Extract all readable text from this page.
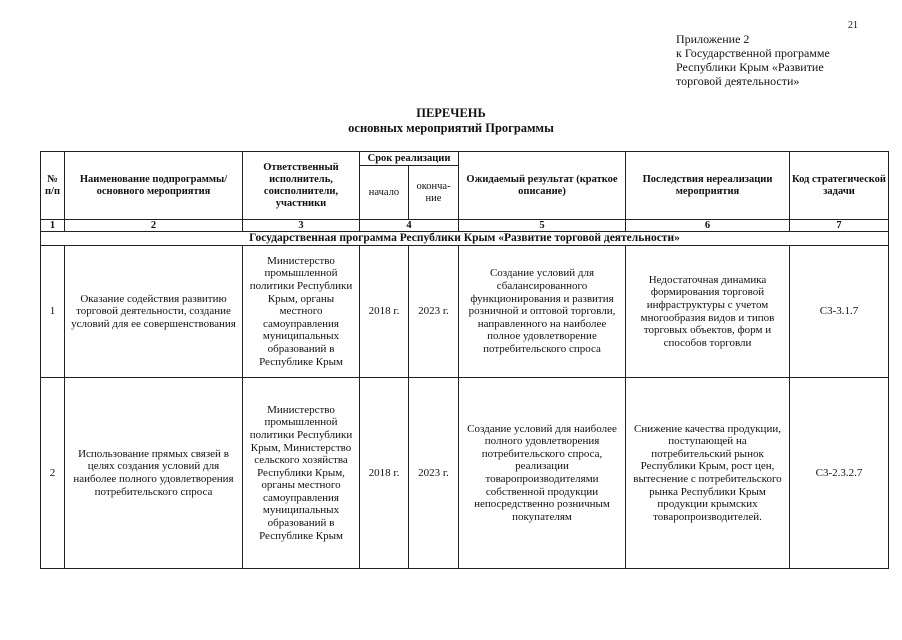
21
Приложение 2
к Государственной программе
Республики Крым «Развитие
торговой деятельности»
ПЕРЕЧЕНЬ
основных мероприятий Программы
№ п/п	Наименование подпрограммы/основного мероприятия	Ответственный исполнитель, соисполнители, участники	Срок реализации		Ожидаемый результат (краткое описание)	Последствия нереализации мероприятия	Код стратегической задачи
			начало	оконча-ние			
1	2	3	4		5	6	7
Государственная программа Республики Крым «Развитие торговой деятельности»							
1	Оказание содействия развитию торговой деятельности, создание условий для ее совершенствования	Министерство промышленной политики Республики Крым, органы местного самоуправления муниципальных образований в Республике Крым	2018 г.	2023 г.	Создание условий для сбалансированного функционирования и развития розничной и оптовой торговли, направленного на наиболее полное удовлетворение потребительского спроса	Недостаточная динамика формирования торговой инфраструктуры с учетом многообразия видов и типов торговых объектов, форм и способов торговли	С3-3.1.7
2	Использование прямых связей в целях создания условий для наиболее полного удовлетворения потребительского спроса	Министерство промышленной политики Республики Крым, Министерство сельского хозяйства Республики Крым, органы местного самоуправления муниципальных образований в Республике Крым	2018 г.	2023 г.	Создание условий для наиболее полного удовлетворения потребительского спроса, реализации товаропроизводителями собственной продукции непосредственно розничным покупателям	Снижение качества продукции, поступающей на потребительский рынок Республики Крым, рост цен, вытеснение с потребительского рынка Республики Крым продукции крымских товаропроизводителей.	С3-2.3.2.7
